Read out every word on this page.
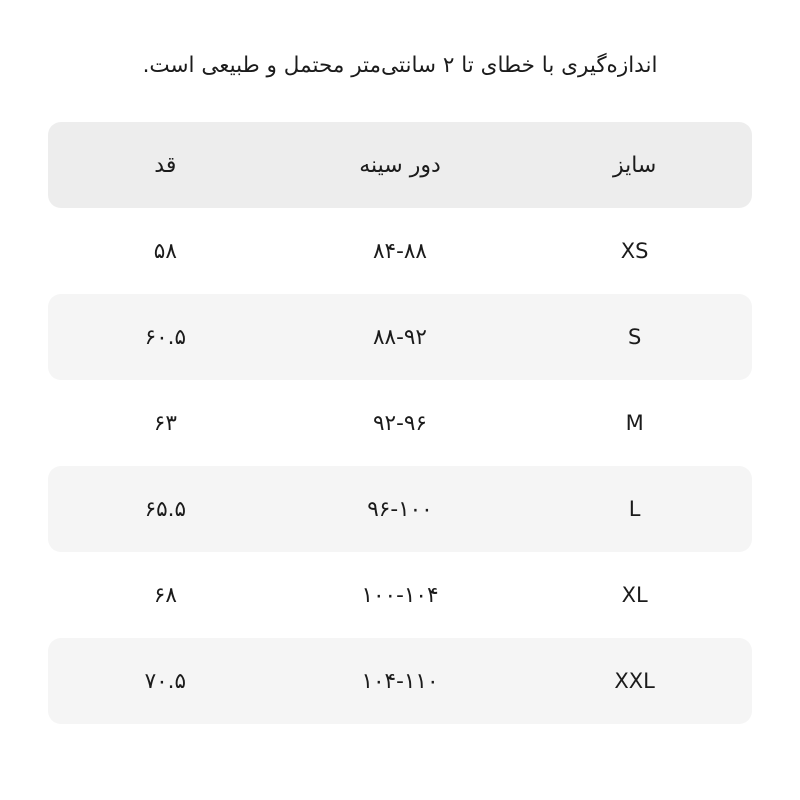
اندازه‌گیری با خطای تا ۲ سانتی‌متر محتمل و طبیعی است.

سایز	دور سینه	قد
XS	۸۴-۸۸	۵۸
S	۸۸-۹۲	۶۰.۵
M	۹۲-۹۶	۶۳
L	۹۶-۱۰۰	۶۵.۵
XL	۱۰۰-۱۰۴	۶۸
XXL	۱۰۴-۱۱۰	۷۰.۵
